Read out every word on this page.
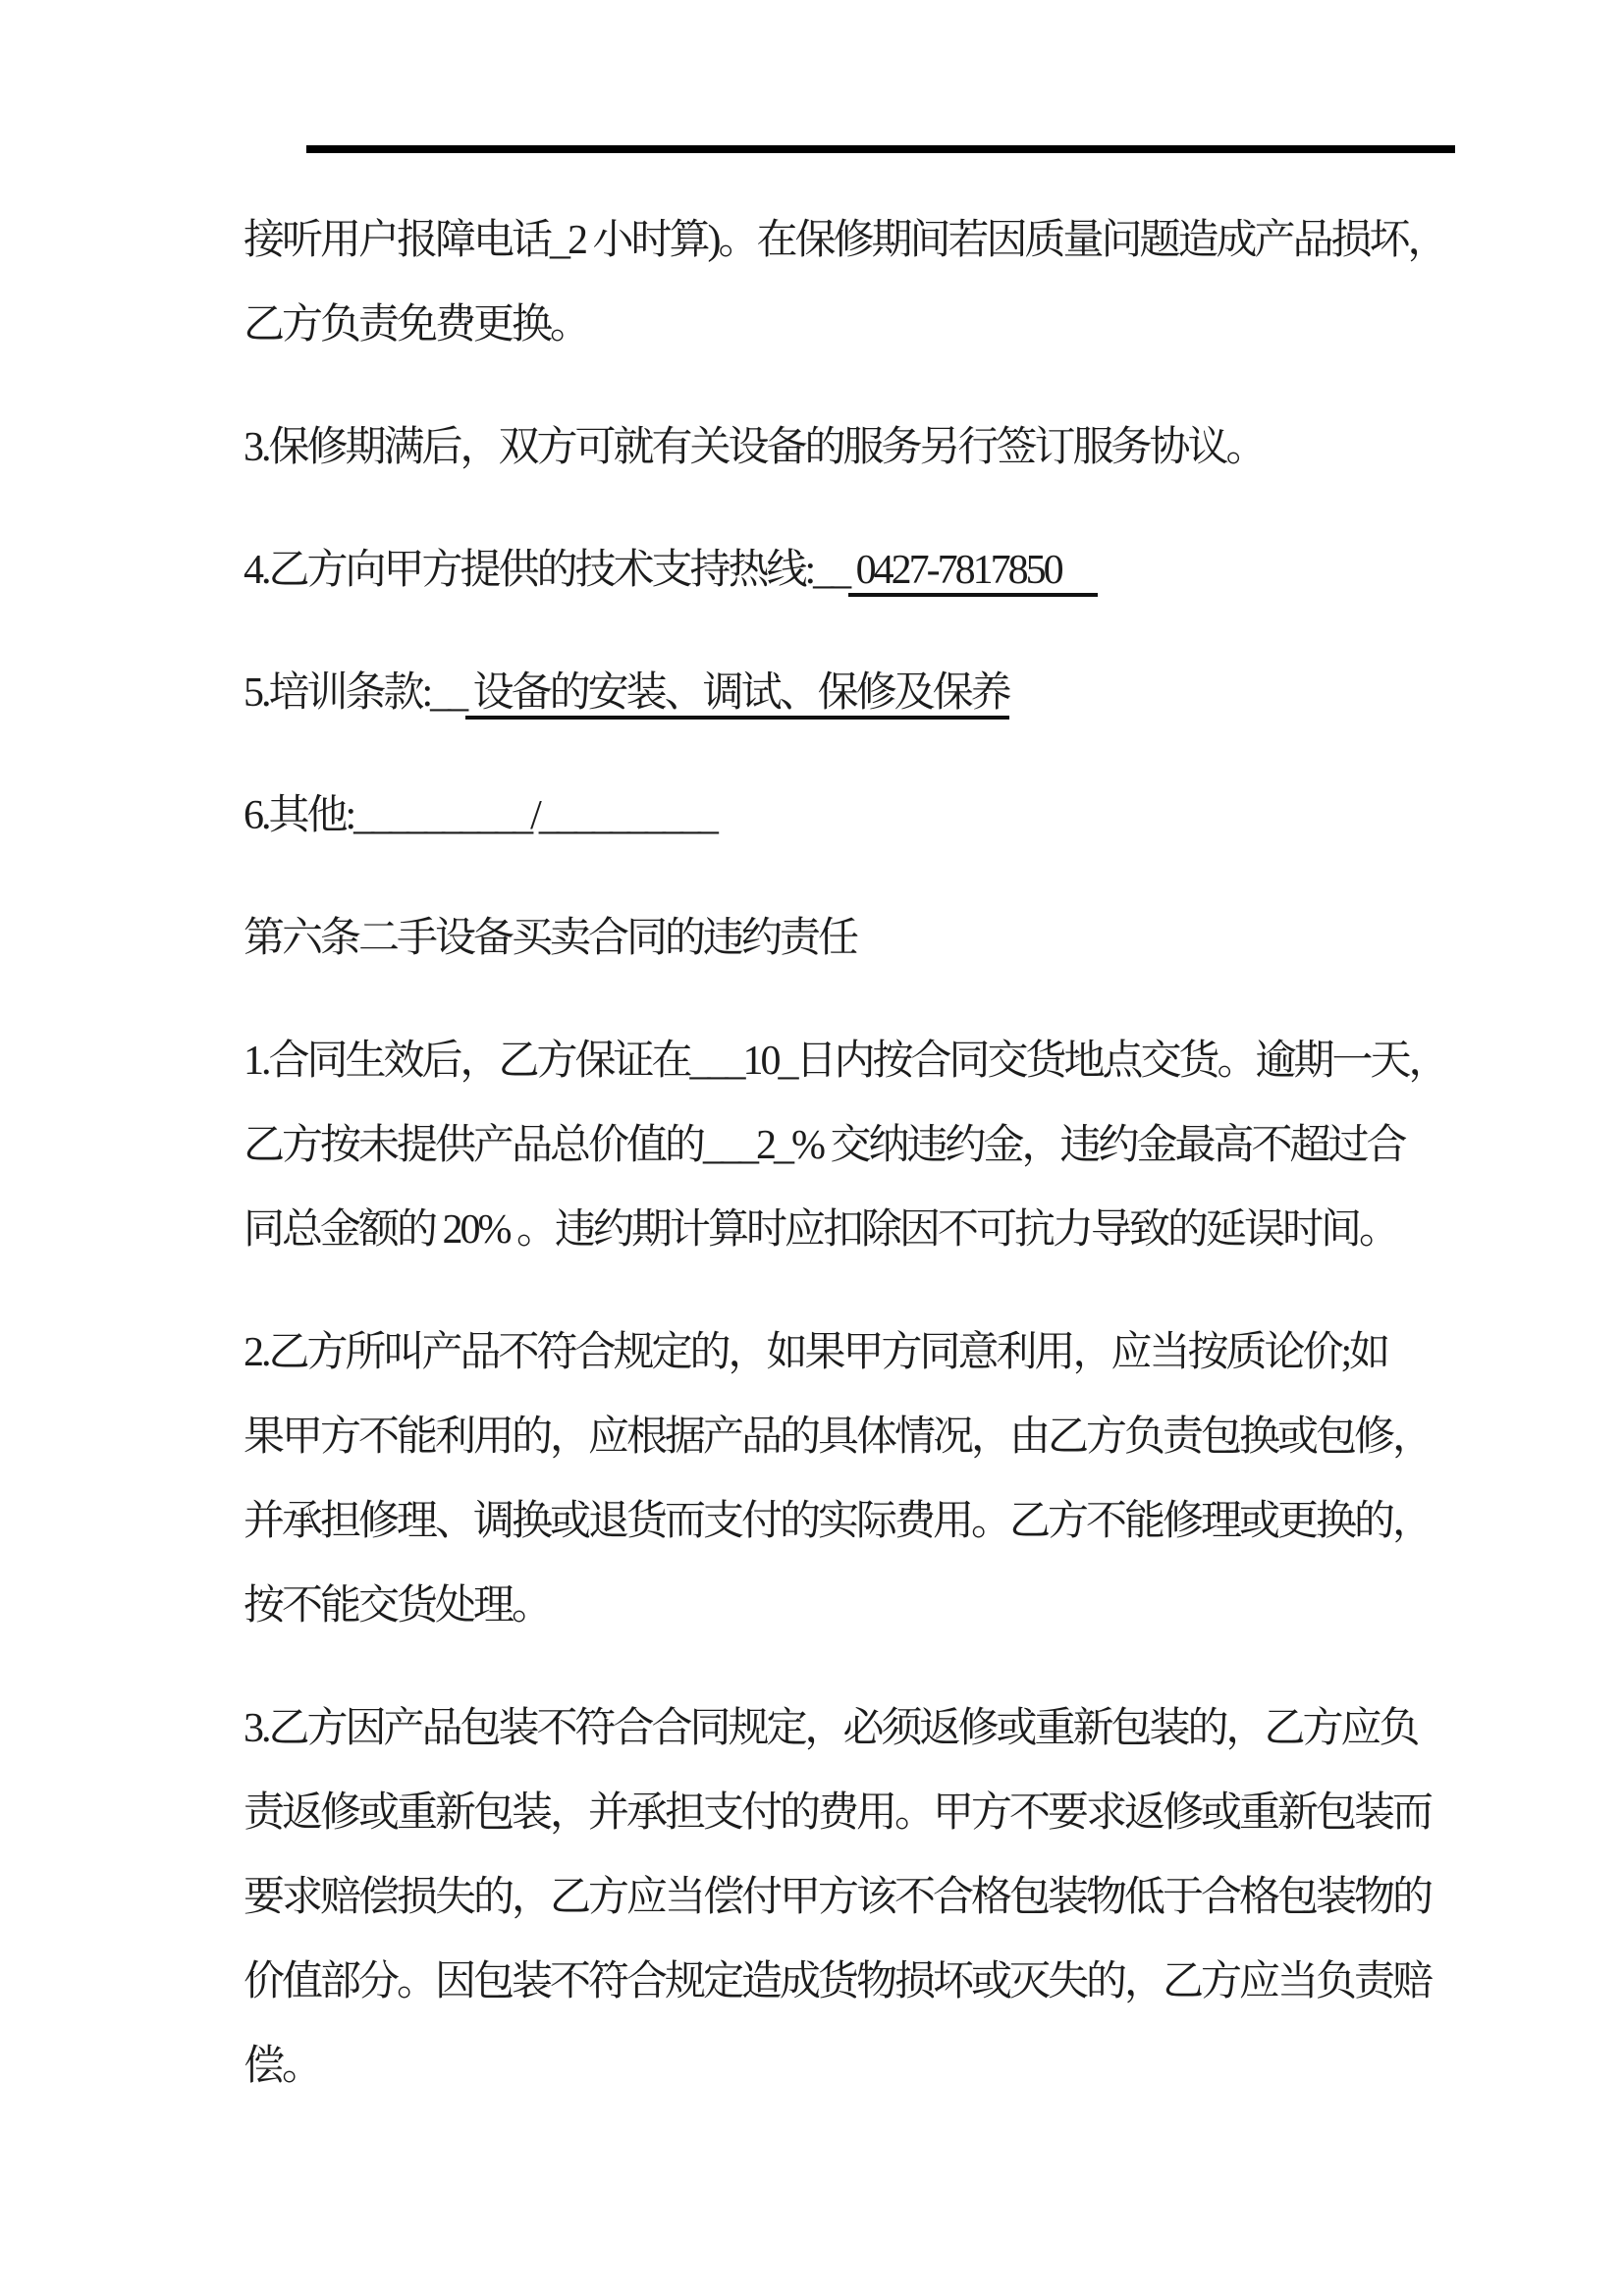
接听用户报障电话_2 小时算)。在保修期间若因质量问题造成产品损坏，
乙方负责免费更换。
3.保修期满后，双方可就有关设备的服务另行签订服务协议。
4.乙方向甲方提供的技术支持热线:__ 0427-7817850
5.培训条款:__ 设备的安装、调试、保修及保养
6.其他:__________/__________
第六条二手设备买卖合同的违约责任
1.合同生效后，乙方保证在___10_日内按合同交货地点交货。逾期一天，
乙方按未提供产品总价值的___2_% 交纳违约金，违约金最高不超过合
同总金额的 20% 。违约期计算时应扣除因不可抗力导致的延误时间。
2.乙方所叫产品不符合规定的，如果甲方同意利用，应当按质论价;如
果甲方不能利用的，应根据产品的具体情况，由乙方负责包换或包修，
并承担修理、调换或退货而支付的实际费用。乙方不能修理或更换的，
按不能交货处理。
3.乙方因产品包装不符合合同规定，必须返修或重新包装的，乙方应负
责返修或重新包装，并承担支付的费用。甲方不要求返修或重新包装而
要求赔偿损失的，乙方应当偿付甲方该不合格包装物低于合格包装物的
价值部分。因包装不符合规定造成货物损坏或灭失的，乙方应当负责赔
偿。
